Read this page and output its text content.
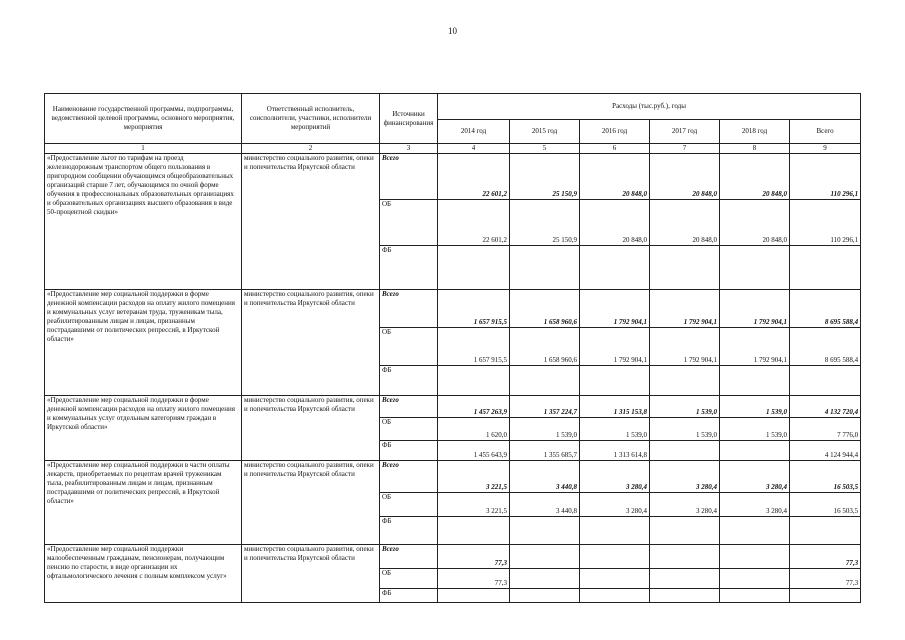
10
Наименование государственной программы, подпрограммы, ведомственной целевой программы, основного мероприятия, мероприятия	Ответственный исполнитель, соисполнители, участники, исполнители мероприятий	Источники финансирования	Расходы (тыс.руб.), годы					
			2014 год	2015 год	2016 год	2017 год	2018 год	Всего
1	2	3	4	5	6	7	8	9
«Предоставление льгот по тарифам на проезд железнодорожным транспортом общего пользования в пригородном сообщении обучающимся общеобразовательных организаций старше 7 лет, обучающимся по очной форме обучения в профессиональных образовательных организациях и образовательных организациях высшего образования в виде 50-процентной скидки»	министерство социального развития, опеки и попечительства Иркутской области	Всего	22 601,2	25 150,9	20 848,0	20 848,0	20 848,0	110 296,1
		ОБ	22 601,2	25 150,9	20 848,0	20 848,0	20 848,0	110 296,1
		ФБ						
«Предоставление мер социальной поддержки в форме денежной компенсации расходов на оплату жилого помещения и коммунальных услуг ветеранам труда, труженикам тыла, реабилитированным лицам и лицам, признанным пострадавшими от политических репрессий, в Иркутской области»	министерство социального развития, опеки и попечительства Иркутской области	Всего	1 657 915,5	1 658 960,6	1 792 904,1	1 792 904,1	1 792 904,1	8 695 588,4
		ОБ	1 657 915,5	1 658 960,6	1 792 904,1	1 792 904,1	1 792 904,1	8 695 588,4
		ФБ						
«Предоставление мер социальной поддержки в форме денежной компенсации расходов на оплату жилого помещения и коммунальных услуг отдельным категориям граждан в Иркутской области»	министерство социального развития, опеки и попечительства Иркутской области	Всего	1 457 263,9	1 357 224,7	1 315 153,8	1 539,0	1 539,0	4 132 720,4
		ОБ	1 620,0	1 539,0	1 539,0	1 539,0	1 539,0	7 776,0
		ФБ	1 455 643,9	1 355 685,7	1 313 614,8			4 124 944,4
«Предоставление мер социальной поддержки в части оплаты лекарств, приобретаемых по рецептам врачей труженикам тыла, реабилитированным лицам и лицам, признанным пострадавшими от политических репрессий, в Иркутской области»	министерство социального развития, опеки и попечительства Иркутской области	Всего	3 221,5	3 440,8	3 280,4	3 280,4	3 280,4	16 503,5
		ОБ	3 221,5	3 440,8	3 280,4	3 280,4	3 280,4	16 503,5
		ФБ						
«Предоставление мер социальной поддержки малообеспеченным гражданам, пенсионерам, получающим пенсию по старости, в виде организации их офтальмологического лечения с полным комплексом услуг»	министерство социального развития, опеки и попечительства Иркутской области	Всего	77,3					77,3
		ОБ	77,3					77,3
		ФБ						
